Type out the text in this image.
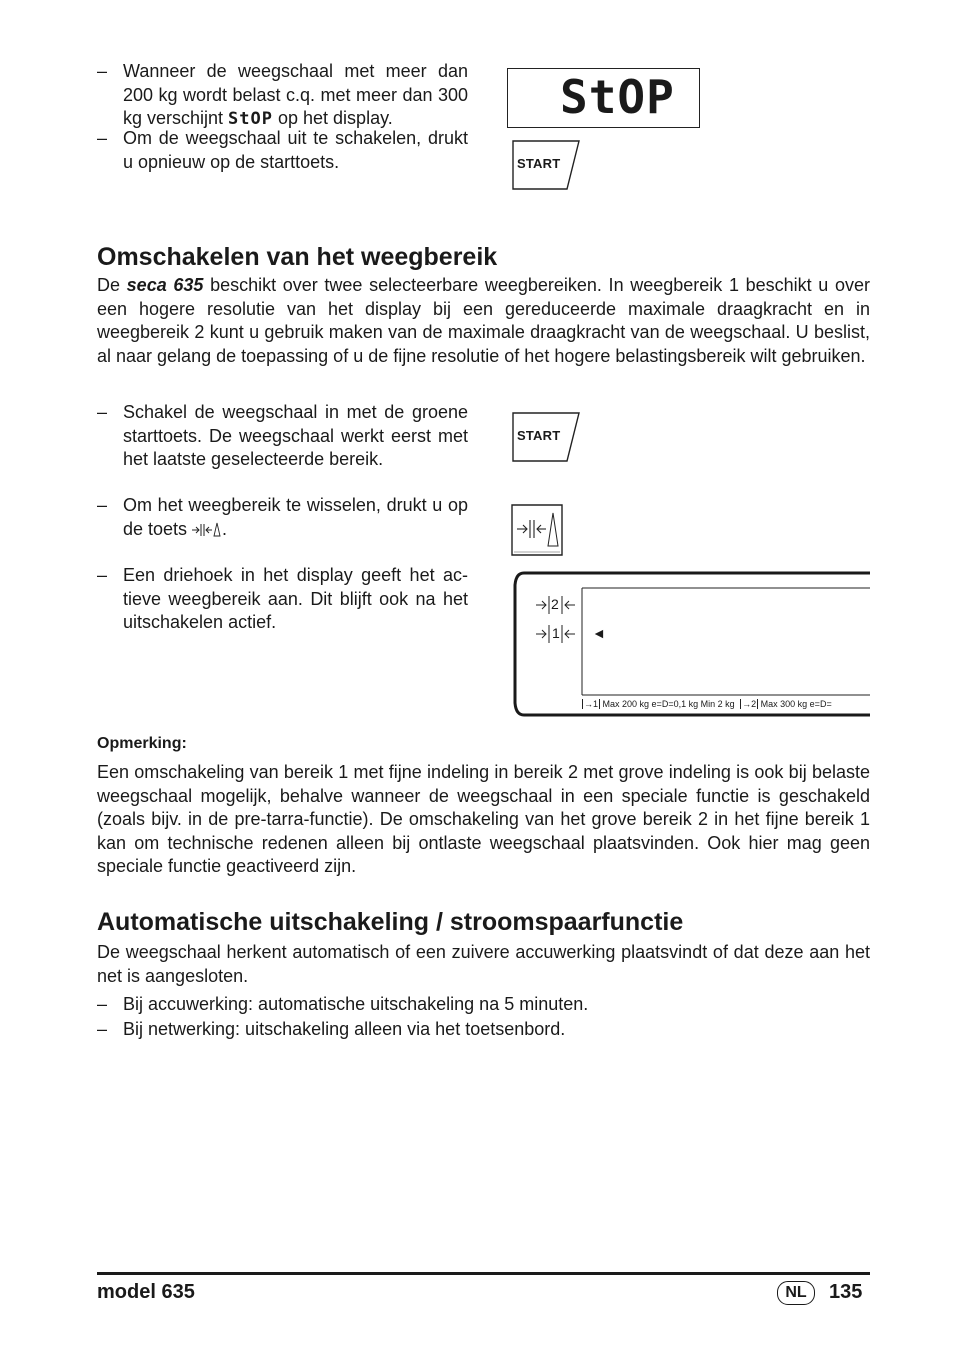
– Wanneer de weegschaal met meer dan 200 kg wordt belast c.q. met meer dan 300 kg verschijnt StOP op het display.
– Om de weegschaal uit te schakelen, drukt u opnieuw op de starttoets.
StOP
START
Omschakelen van het weegbereik
De seca 635 beschikt over twee selecteerbare weegbereiken. In weegbereik 1 beschikt u over een hogere resolutie van het display bij een gereduceerde maximale draagkracht en in weegbereik 2 kunt u gebruik maken van de maximale draagkracht van de weegschaal. U beslist, al naar gelang de toepassing of u de fijne resolutie of het hogere belastingsbereik wilt gebruiken.
– Schakel de weegschaal in met de groene starttoets. De weegschaal werkt eerst met het laatste geselecteerde bereik.
– Om het weegbereik te wisselen, drukt u op de toets .
– Een driehoek in het display geeft het actieve weegbereik aan. Dit blijft ook na het uitschakelen actief.
START
2
1 ◄
→1 Max 200 kg e=D=0,1 kg Min 2 kg →2 Max 300 kg e=D=
Opmerking:
Een omschakeling van bereik 1 met fijne indeling in bereik 2 met grove indeling is ook bij belaste weegschaal mogelijk, behalve wanneer de weegschaal in een speciale functie is geschakeld (zoals bijv. in de pre-tarra-functie). De omschakeling van het grove bereik 2 in het fijne bereik 1 kan om technische redenen alleen bij ontlaste weegschaal plaatsvinden. Ook hier mag geen speciale functie geactiveerd zijn.
Automatische uitschakeling / stroomspaarfunctie
De weegschaal herkent automatisch of een zuivere accuwerking plaatsvindt of dat deze aan het net is aangesloten.
– Bij accuwerking: automatische uitschakeling na 5 minuten.
– Bij netwerking: uitschakeling alleen via het toetsenbord.
model 635	NL	135
